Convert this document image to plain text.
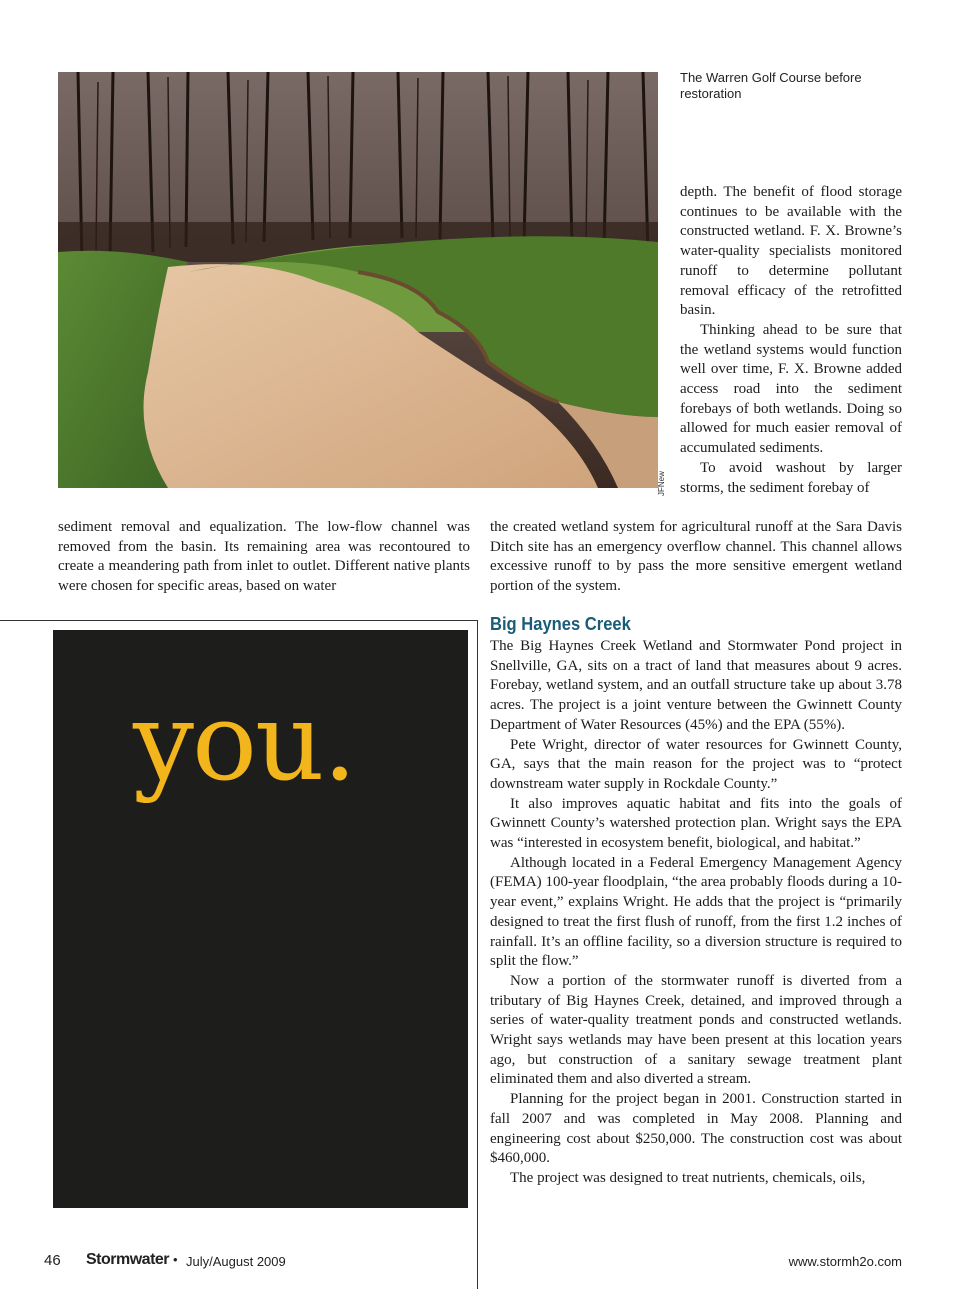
JFNew
The Warren Golf Course before restoration

depth. The benefit of flood storage continues to be available with the constructed wetland. F. X. Browne’s water-quality specialists monitored runoff to determine pollutant removal efficacy of the retrofitted basin.

Thinking ahead to be sure that the wetland systems would function well over time, F. X. Browne added access road into the sediment forebays of both wetlands. Doing so allowed for much easier removal of accumulated sediments.

To avoid washout by larger storms, the sediment forebay of

sediment removal and equalization. The low-flow channel was removed from the basin. Its remaining area was recontoured to create a meandering path from inlet to outlet. Different native plants were chosen for specific areas, based on water

the created wetland system for agricultural runoff at the Sara Davis Ditch site has an emergency overflow channel. This channel allows excessive runoff to by pass the more sensitive emergent wetland portion of the system.

you.
Big Haynes Creek

The Big Haynes Creek Wetland and Stormwater Pond project in Snellville, GA, sits on a tract of land that measures about 9 acres. Forebay, wetland system, and an outfall structure take up about 3.78 acres. The project is a joint venture between the Gwinnett County Department of Water Resources (45%) and the EPA (55%).

Pete Wright, director of water resources for Gwinnett County, GA, says that the main reason for the project was to “protect downstream water supply in Rockdale County.”

It also improves aquatic habitat and fits into the goals of Gwinnett County’s watershed protection plan. Wright says the EPA was “interested in ecosystem benefit, biological, and habitat.”

Although located in a Federal Emergency Management Agency (FEMA) 100-year floodplain, “the area probably floods during a 10-year event,” explains Wright. He adds that the project is “primarily designed to treat the first flush of runoff, from the first 1.2 inches of rainfall. It’s an offline facility, so a diversion structure is required to split the flow.”

Now a portion of the stormwater runoff is diverted from a tributary of Big Haynes Creek, detained, and improved through a series of water-quality treatment ponds and constructed wetlands. Wright says wetlands may have been present at this location years ago, but construction of a sanitary sewage treatment plant eliminated them and also diverted a stream.

Planning for the project began in 2001. Construction started in fall 2007 and was completed in May 2008. Planning and engineering cost about $250,000. The construction cost was about $460,000.

The project was designed to treat nutrients, chemicals, oils,

46 Stormwater • July/August 2009	www.stormh2o.com
